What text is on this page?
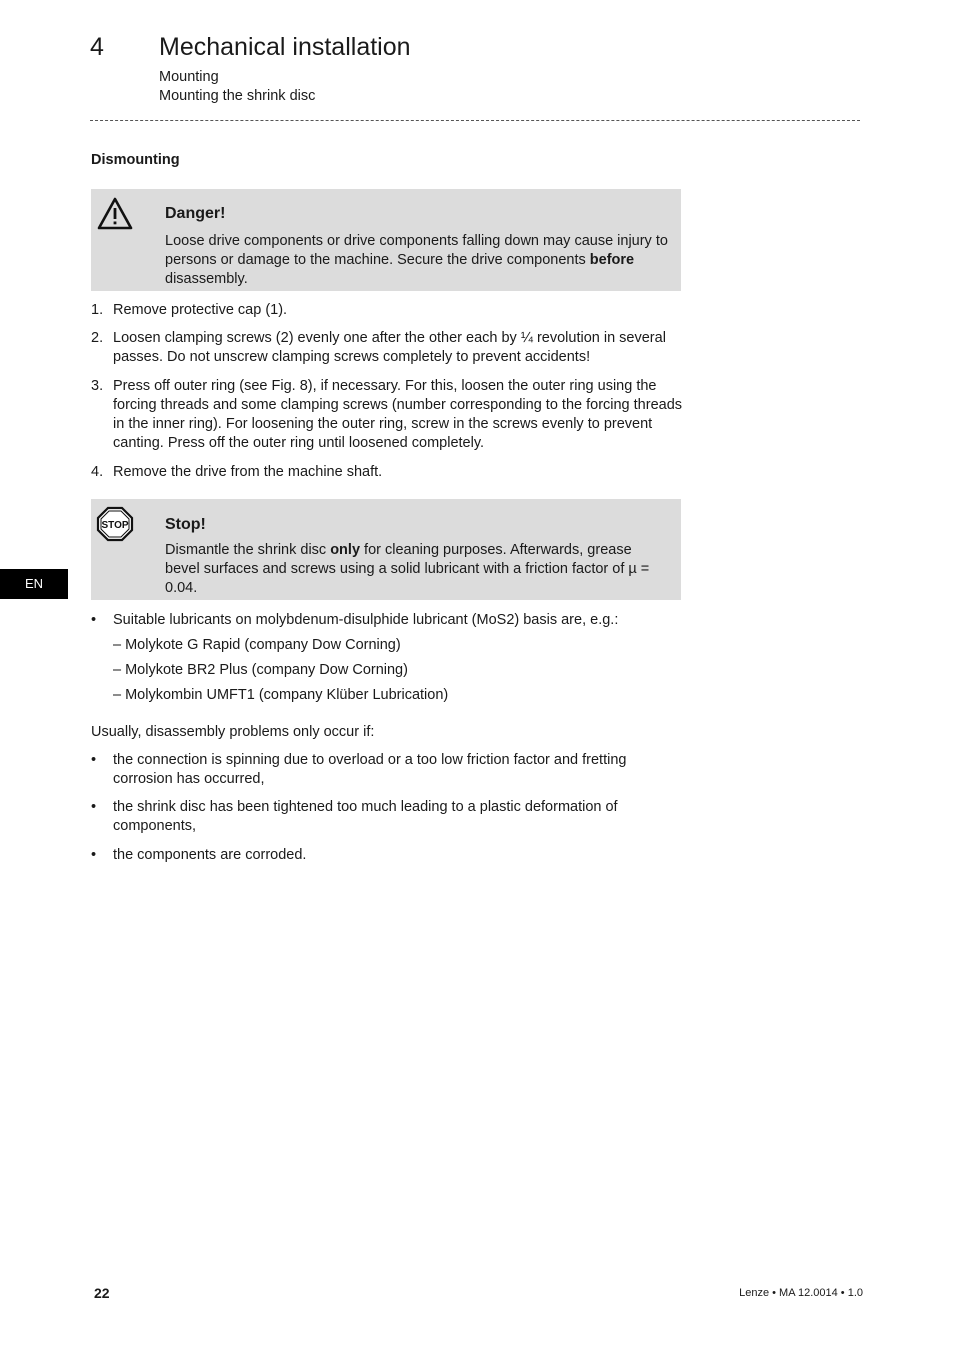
4 Mechanical installation
Mounting
Mounting the shrink disc
Dismounting
Danger!
Loose drive components or drive components falling down may cause injury to persons or damage to the machine. Secure the drive components before disassembly.
1. Remove protective cap (1).
2. Loosen clamping screws (2) evenly one after the other each by ¼ revolution in several passes. Do not unscrew clamping screws completely to prevent accidents!
3. Press off outer ring (see Fig. 8), if necessary. For this, loosen the outer ring using the forcing threads and some clamping screws (number corresponding to the forcing threads in the inner ring). For loosening the outer ring, screw in the screws evenly to prevent canting. Press off the outer ring until loosened completely.
4. Remove the drive from the machine shaft.
STOP Stop!
Dismantle the shrink disc only for cleaning purposes. Afterwards, grease bevel surfaces and screws using a solid lubricant with a friction factor of µ = 0.04.
• Suitable lubricants on molybdenum-disulphide lubricant (MoS2) basis are, e.g.:
– Molykote G Rapid (company Dow Corning)
– Molykote BR2 Plus (company Dow Corning)
– Molykombin UMFT1 (company Klüber Lubrication)
Usually, disassembly problems only occur if:
• the connection is spinning due to overload or a too low friction factor and fretting corrosion has occurred,
• the shrink disc has been tightened too much leading to a plastic deformation of components,
• the components are corroded.
EN
22	Lenze • MA 12.0014 • 1.0
